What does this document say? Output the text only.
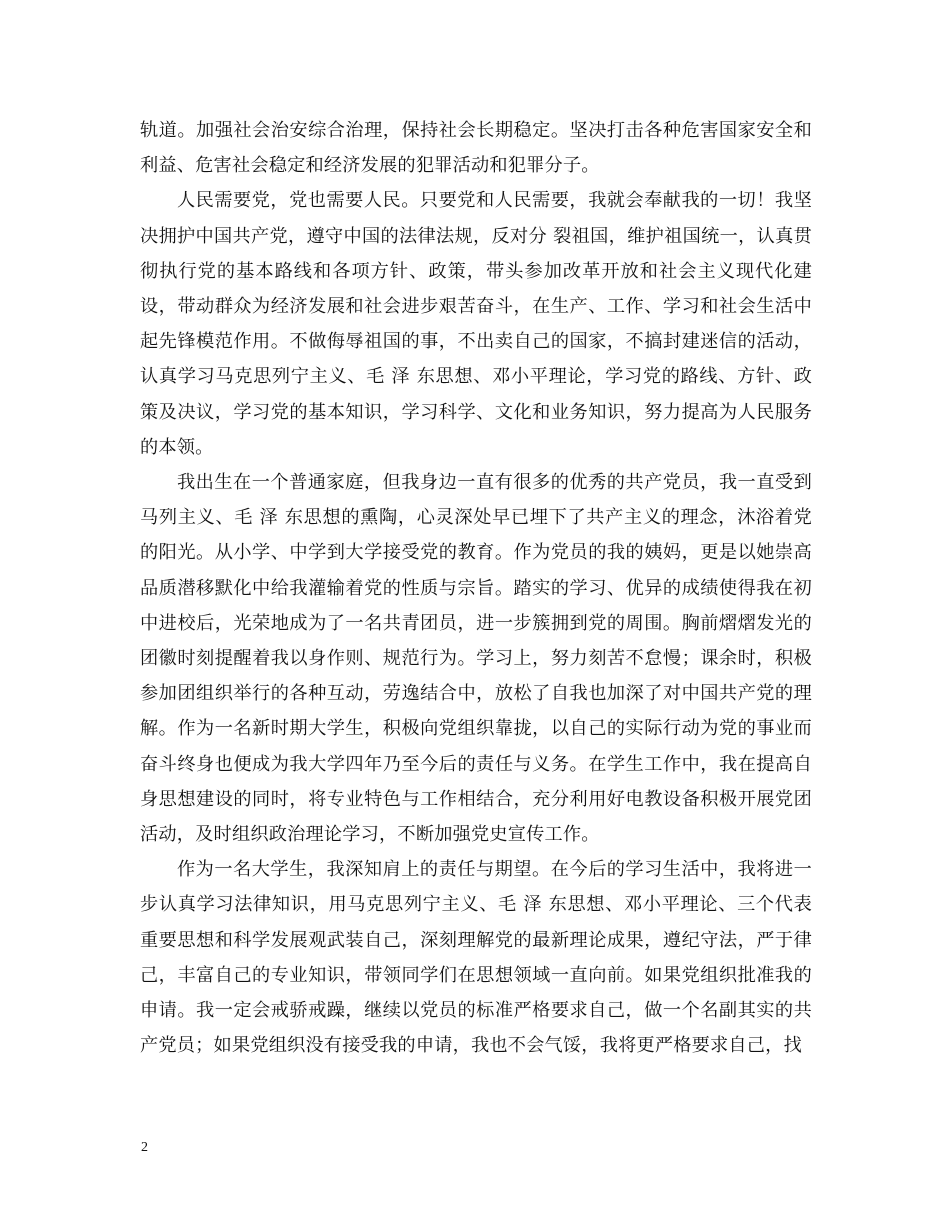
轨道。加强社会治安综合治理，保持社会长期稳定。坚决打击各种危害国家安全和利益、危害社会稳定和经济发展的犯罪活动和犯罪分子。

人民需要党，党也需要人民。只要党和人民需要，我就会奉献我的一切！我坚决拥护中国共产党，遵守中国的法律法规，反对分 裂祖国，维护祖国统一，认真贯彻执行党的基本路线和各项方针、政策，带头参加改革开放和社会主义现代化建设，带动群众为经济发展和社会进步艰苦奋斗，在生产、工作、学习和社会生活中起先锋模范作用。不做侮辱祖国的事，不出卖自己的国家，不搞封建迷信的活动，认真学习马克思列宁主义、毛 泽 东思想、邓小平理论，学习党的路线、方针、政策及决议，学习党的基本知识，学习科学、文化和业务知识，努力提高为人民服务的本领。

我出生在一个普通家庭，但我身边一直有很多的优秀的共产党员，我一直受到马列主义、毛 泽 东思想的熏陶，心灵深处早已埋下了共产主义的理念，沐浴着党的阳光。从小学、中学到大学接受党的教育。作为党员的我的姨妈，更是以她崇高品质潜移默化中给我灌输着党的性质与宗旨。踏实的学习、优异的成绩使得我在初中进校后，光荣地成为了一名共青团员，进一步簇拥到党的周围。胸前熠熠发光的团徽时刻提醒着我以身作则、规范行为。学习上，努力刻苦不怠慢；课余时，积极参加团组织举行的各种互动，劳逸结合中，放松了自我也加深了对中国共产党的理解。作为一名新时期大学生，积极向党组织靠拢，以自己的实际行动为党的事业而奋斗终身也便成为我大学四年乃至今后的责任与义务。在学生工作中，我在提高自身思想建设的同时，将专业特色与工作相结合，充分利用好电教设备积极开展党团活动，及时组织政治理论学习，不断加强党史宣传工作。

作为一名大学生，我深知肩上的责任与期望。在今后的学习生活中，我将进一步认真学习法律知识，用马克思列宁主义、毛 泽 东思想、邓小平理论、三个代表重要思想和科学发展观武装自己，深刻理解党的最新理论成果，遵纪守法，严于律己，丰富自己的专业知识，带领同学们在思想领域一直向前。如果党组织批准我的申请。我一定会戒骄戒躁，继续以党员的标准严格要求自己，做一个名副其实的共产党员；如果党组织没有接受我的申请，我也不会气馁，我将更严格要求自己，找

2
